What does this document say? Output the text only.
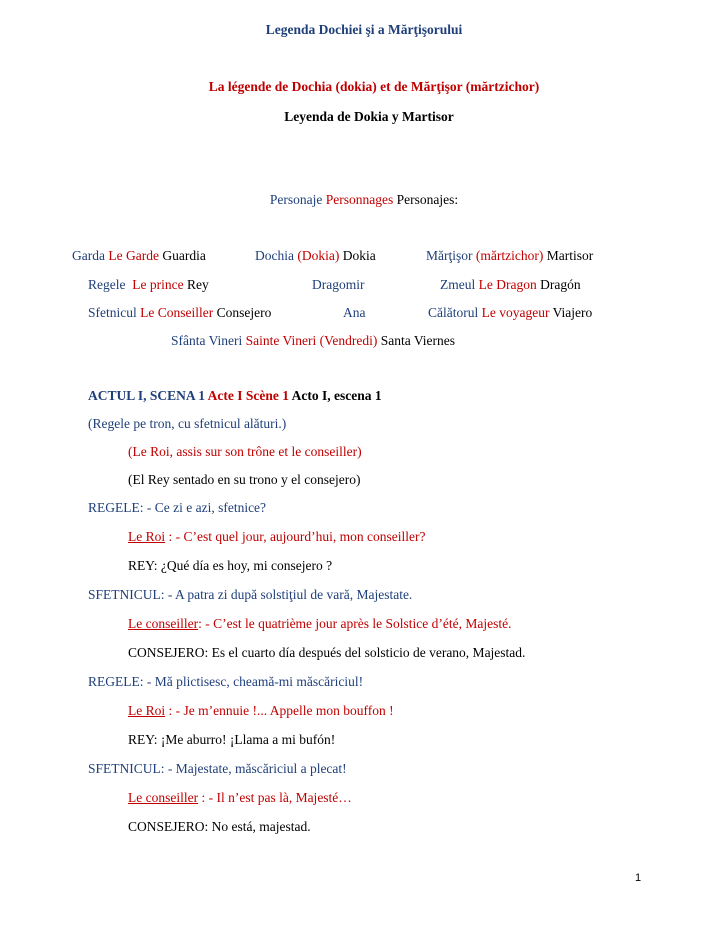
Legenda Dochiei şi a Mărţişorului
La légende de Dochia (dokia) et de Mărţişor (mărtzichor)
Leyenda de Dokia y Martisor
Personaje Personnages Personajes:
Garda Le Garde Guardia	Dochia (Dokia) Dokia	Mărţişor (mărtzichor) Martisor
Regele Le prince Rey	Dragomir	Zmeul Le Dragon Dragón
Sfetnicul Le Conseiller Consejero	Ana	Călătorul Le voyageur Viajero
Sfânta Vineri Sainte Vineri (Vendredi) Santa Viernes
ACTUL I, SCENA 1 Acte I Scène 1 Acto I, escena 1
(Regele pe tron, cu sfetnicul alături.)
(Le Roi, assis sur son trône et le conseiller)
(El Rey sentado en su trono y el consejero)
REGELE: - Ce zi e azi, sfetnice?
Le Roi : - C’est quel jour, aujourd’hui, mon conseiller?
REY: ¿Qué día es hoy, mi consejero ?
SFETNICUL: - A patra zi după solstiţiul de vară, Majestate.
Le conseiller: - C’est le quatrième jour après le Solstice d’été, Majesté.
CONSEJERO: Es el cuarto día después del solsticio de verano, Majestad.
REGELE: - Mă plictisesc, cheamă-mi măscăriciul!
Le Roi : - Je m’ennuie !... Appelle mon bouffon !
REY: ¡Me aburro! ¡Llama a mi bufón!
SFETNICUL: - Majestate, măscăriciul a plecat!
Le conseiller : - Il n’est pas là, Majesté…
CONSEJERO: No está, majestad.
1
